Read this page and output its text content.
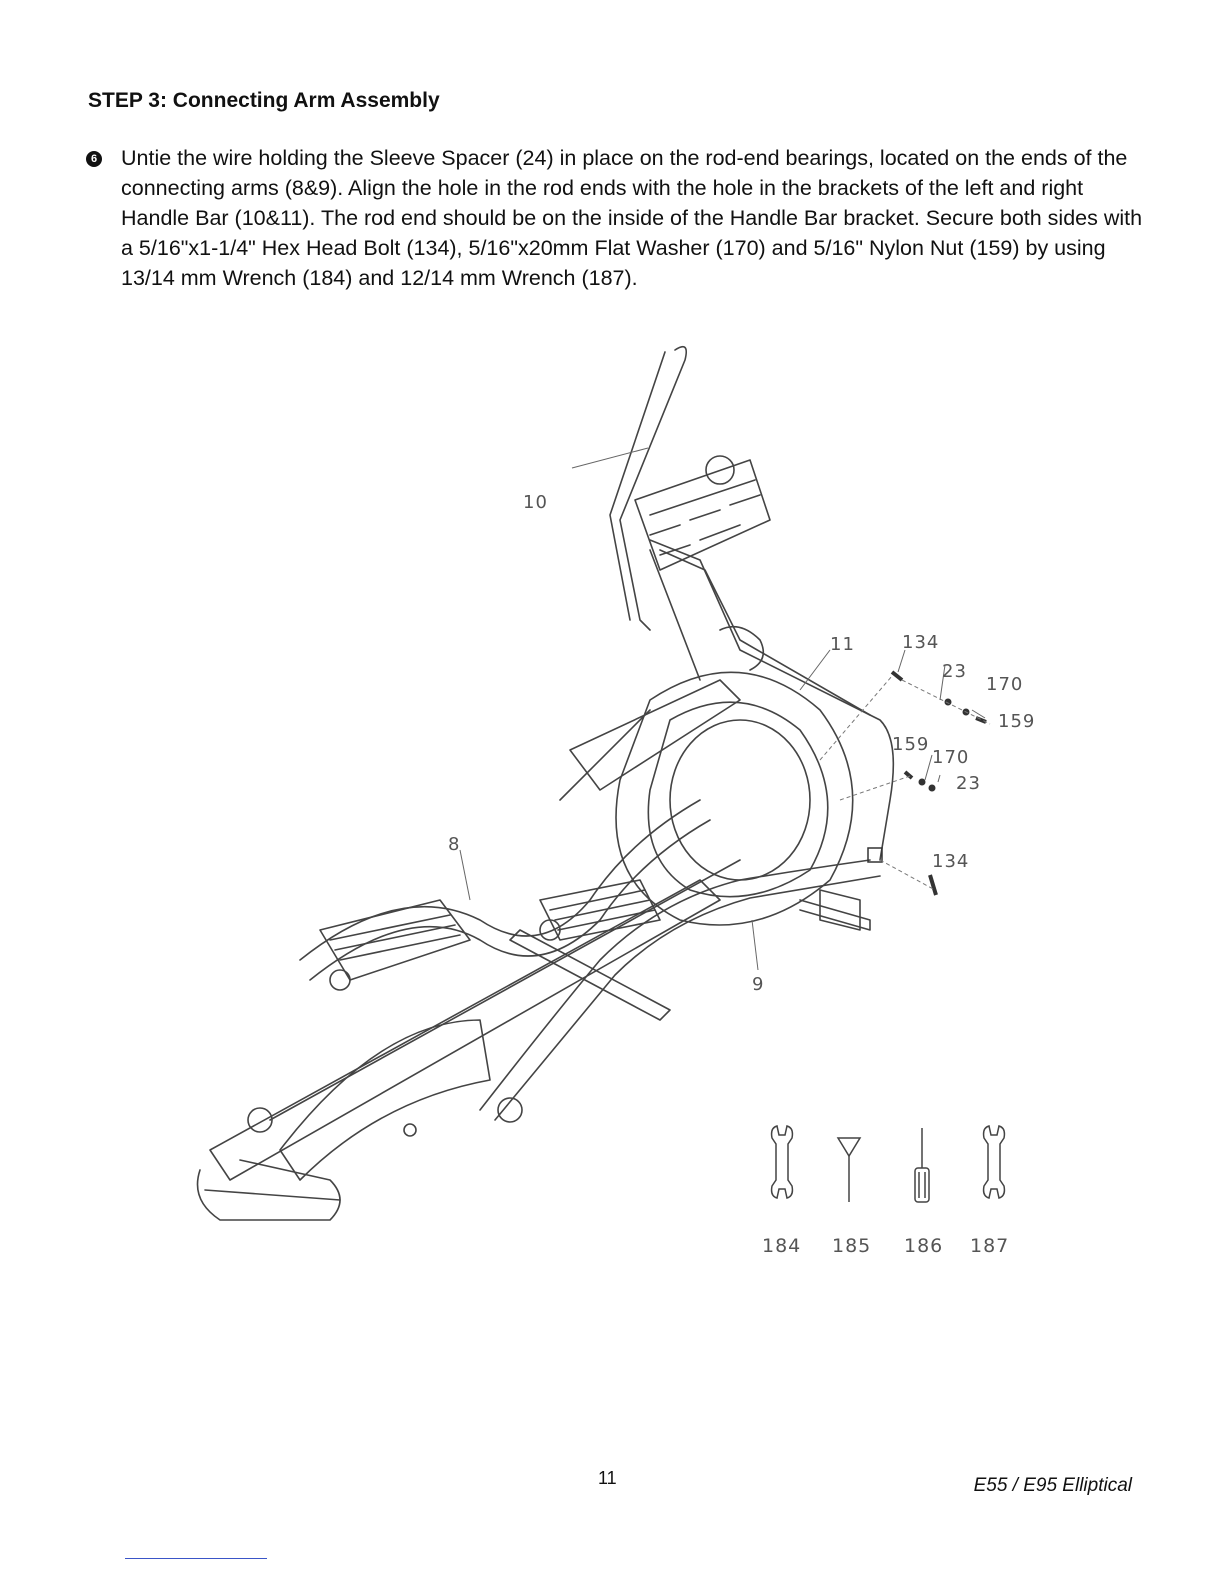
STEP 3: Connecting Arm Assembly
6 Untie the wire holding the Sleeve Spacer (24) in place on the rod-end bearings, located on the ends of the connecting arms (8&9). Align the hole in the rod ends with the hole in the brackets of the left and right Handle Bar (10&11). The rod end should be on the inside of the Handle Bar bracket. Secure both sides with a 5/16"x1-1/4" Hex Head Bolt (134), 5/16"x20mm Flat Washer (170) and 5/16" Nylon Nut (159) by using 13/14 mm Wrench (184) and 12/14 mm Wrench (187).

10
11	134
23
170
159
159
170
23
134
8
9
184 185 186 187
11	E55 / E95 Elliptical
